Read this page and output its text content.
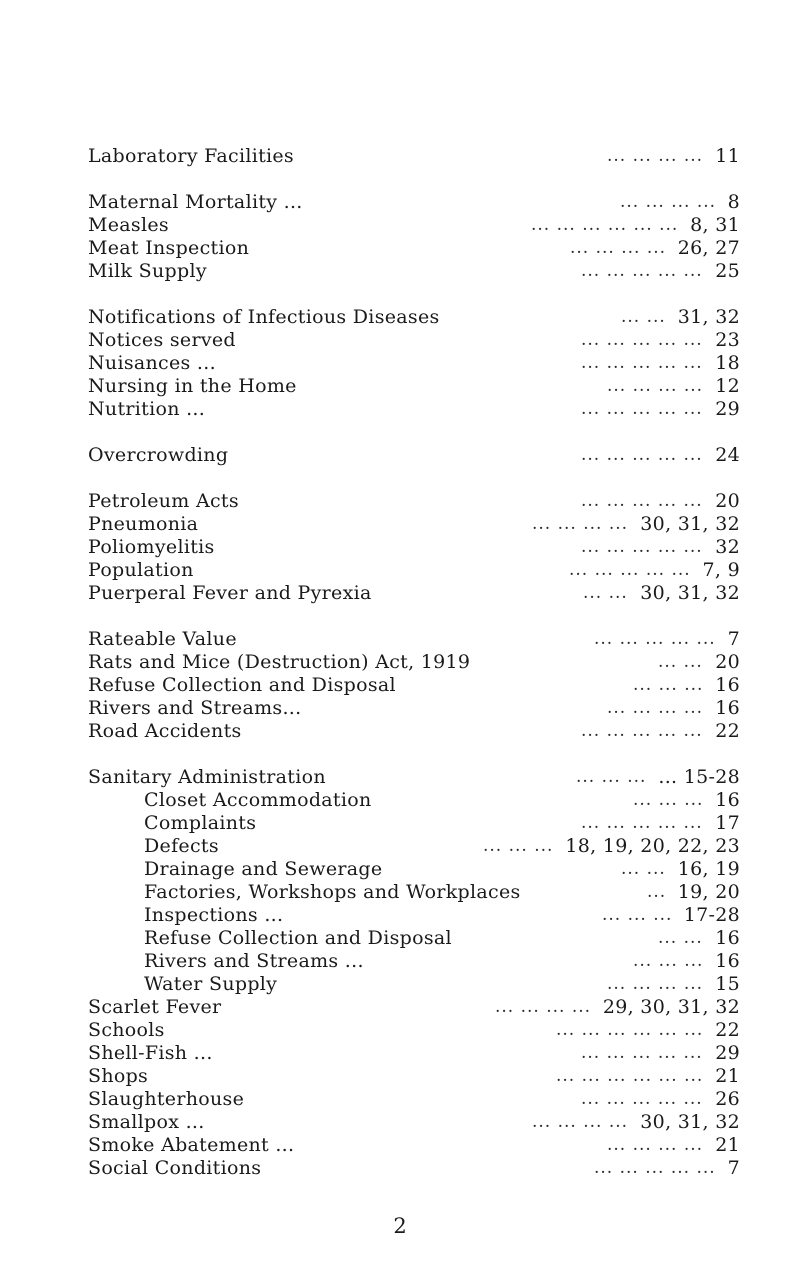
Laboratory Facilities	... ... ... ... 11
Maternal Mortality ...	... ... ... ... 8
Measles	... ... ... ... ... ... 8, 31
Meat Inspection	... ... ... ... 26, 27
Milk Supply	... ... ... ... ... 25
Notifications of Infectious Diseases	... ... 31, 32
Notices served	... ... ... ... ... 23
Nuisances ...	... ... ... ... ... 18
Nursing in the Home	... ... ... ... 12
Nutrition ...	... ... ... ... ... 29
Overcrowding	... ... ... ... ... 24
Petroleum Acts	... ... ... ... ... 20
Pneumonia	... ... ... ... 30, 31, 32
Poliomyelitis	... ... ... ... ... 32
Population	... ... ... ... ... 7, 9
Puerperal Fever and Pyrexia	... ... 30, 31, 32
Rateable Value	... ... ... ... ... 7
Rats and Mice (Destruction) Act, 1919	... ... 20
Refuse Collection and Disposal	... ... ... 16
Rivers and Streams...	... ... ... ... 16
Road Accidents	... ... ... ... ... 22
Sanitary Administration	... ... ... ... 15-28
Closet Accommodation	... ... ... 16
Complaints	... ... ... ... ... 17
Defects	... ... ... 18, 19, 20, 22, 23
Drainage and Sewerage	... ... 16, 19
Factories, Workshops and Workplaces	... 19, 20
Inspections ...	... ... ... 17-28
Refuse Collection and Disposal	... ... 16
Rivers and Streams ...	... ... ... 16
Water Supply	... ... ... ... 15
Scarlet Fever	... ... ... ... 29, 30, 31, 32
Schools	... ... ... ... ... ... 22
Shell-Fish ...	... ... ... ... ... 29
Shops	... ... ... ... ... ... 21
Slaughterhouse	... ... ... ... ... 26
Smallpox ...	... ... ... ... 30, 31, 32
Smoke Abatement ...	... ... ... ... 21
Social Conditions	... ... ... ... ... 7
2
